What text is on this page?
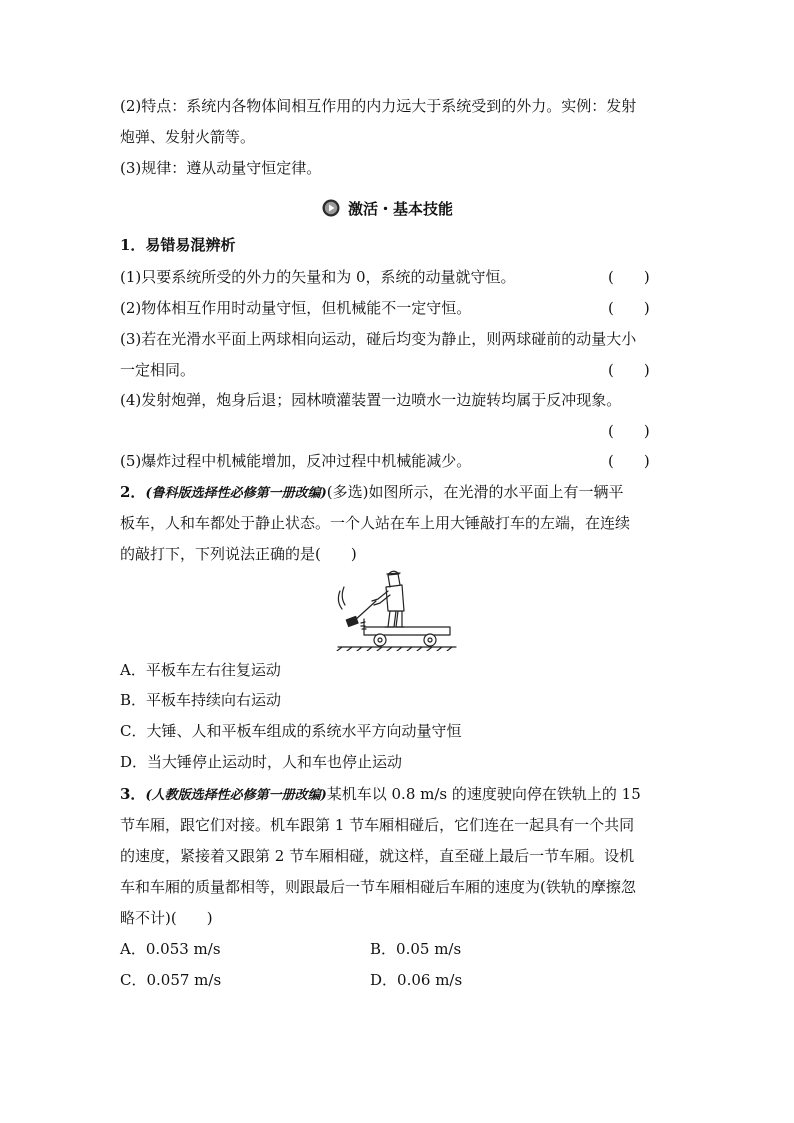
(2)特点：系统内各物体间相互作用的内力远大于系统受到的外力。实例：发射
炮弹、发射火箭等。
(3)规律：遵从动量守恒定律。
激活・基本技能
1．易错易混辨析
(1)只要系统所受的外力的矢量和为 0，系统的动量就守恒。	(　　)
(2)物体相互作用时动量守恒，但机械能不一定守恒。	(　　)
(3)若在光滑水平面上两球相向运动，碰后均变为静止，则两球碰前的动量大小
一定相同。	(　　)
(4)发射炮弹，炮身后退；园林喷灌装置一边喷水一边旋转均属于反冲现象。
(　　)
(5)爆炸过程中机械能增加，反冲过程中机械能减少。	(　　)
2．(鲁科版选择性必修第一册改编)(多选)如图所示，在光滑的水平面上有一辆平
板车，人和车都处于静止状态。一个人站在车上用大锤敲打车的左端，在连续
的敲打下，下列说法正确的是(　　)
A．平板车左右往复运动
B．平板车持续向右运动
C．大锤、人和平板车组成的系统水平方向动量守恒
D．当大锤停止运动时，人和车也停止运动
3．(人教版选择性必修第一册改编)某机车以 0.8 m/s 的速度驶向停在铁轨上的 15
节车厢，跟它们对接。机车跟第 1 节车厢相碰后，它们连在一起具有一个共同
的速度，紧接着又跟第 2 节车厢相碰，就这样，直至碰上最后一节车厢。设机
车和车厢的质量都相等，则跟最后一节车厢相碰后车厢的速度为(铁轨的摩擦忽
略不计)(　　)
A．0.053 m/s	B．0.05 m/s
C．0.057 m/s	D．0.06 m/s
